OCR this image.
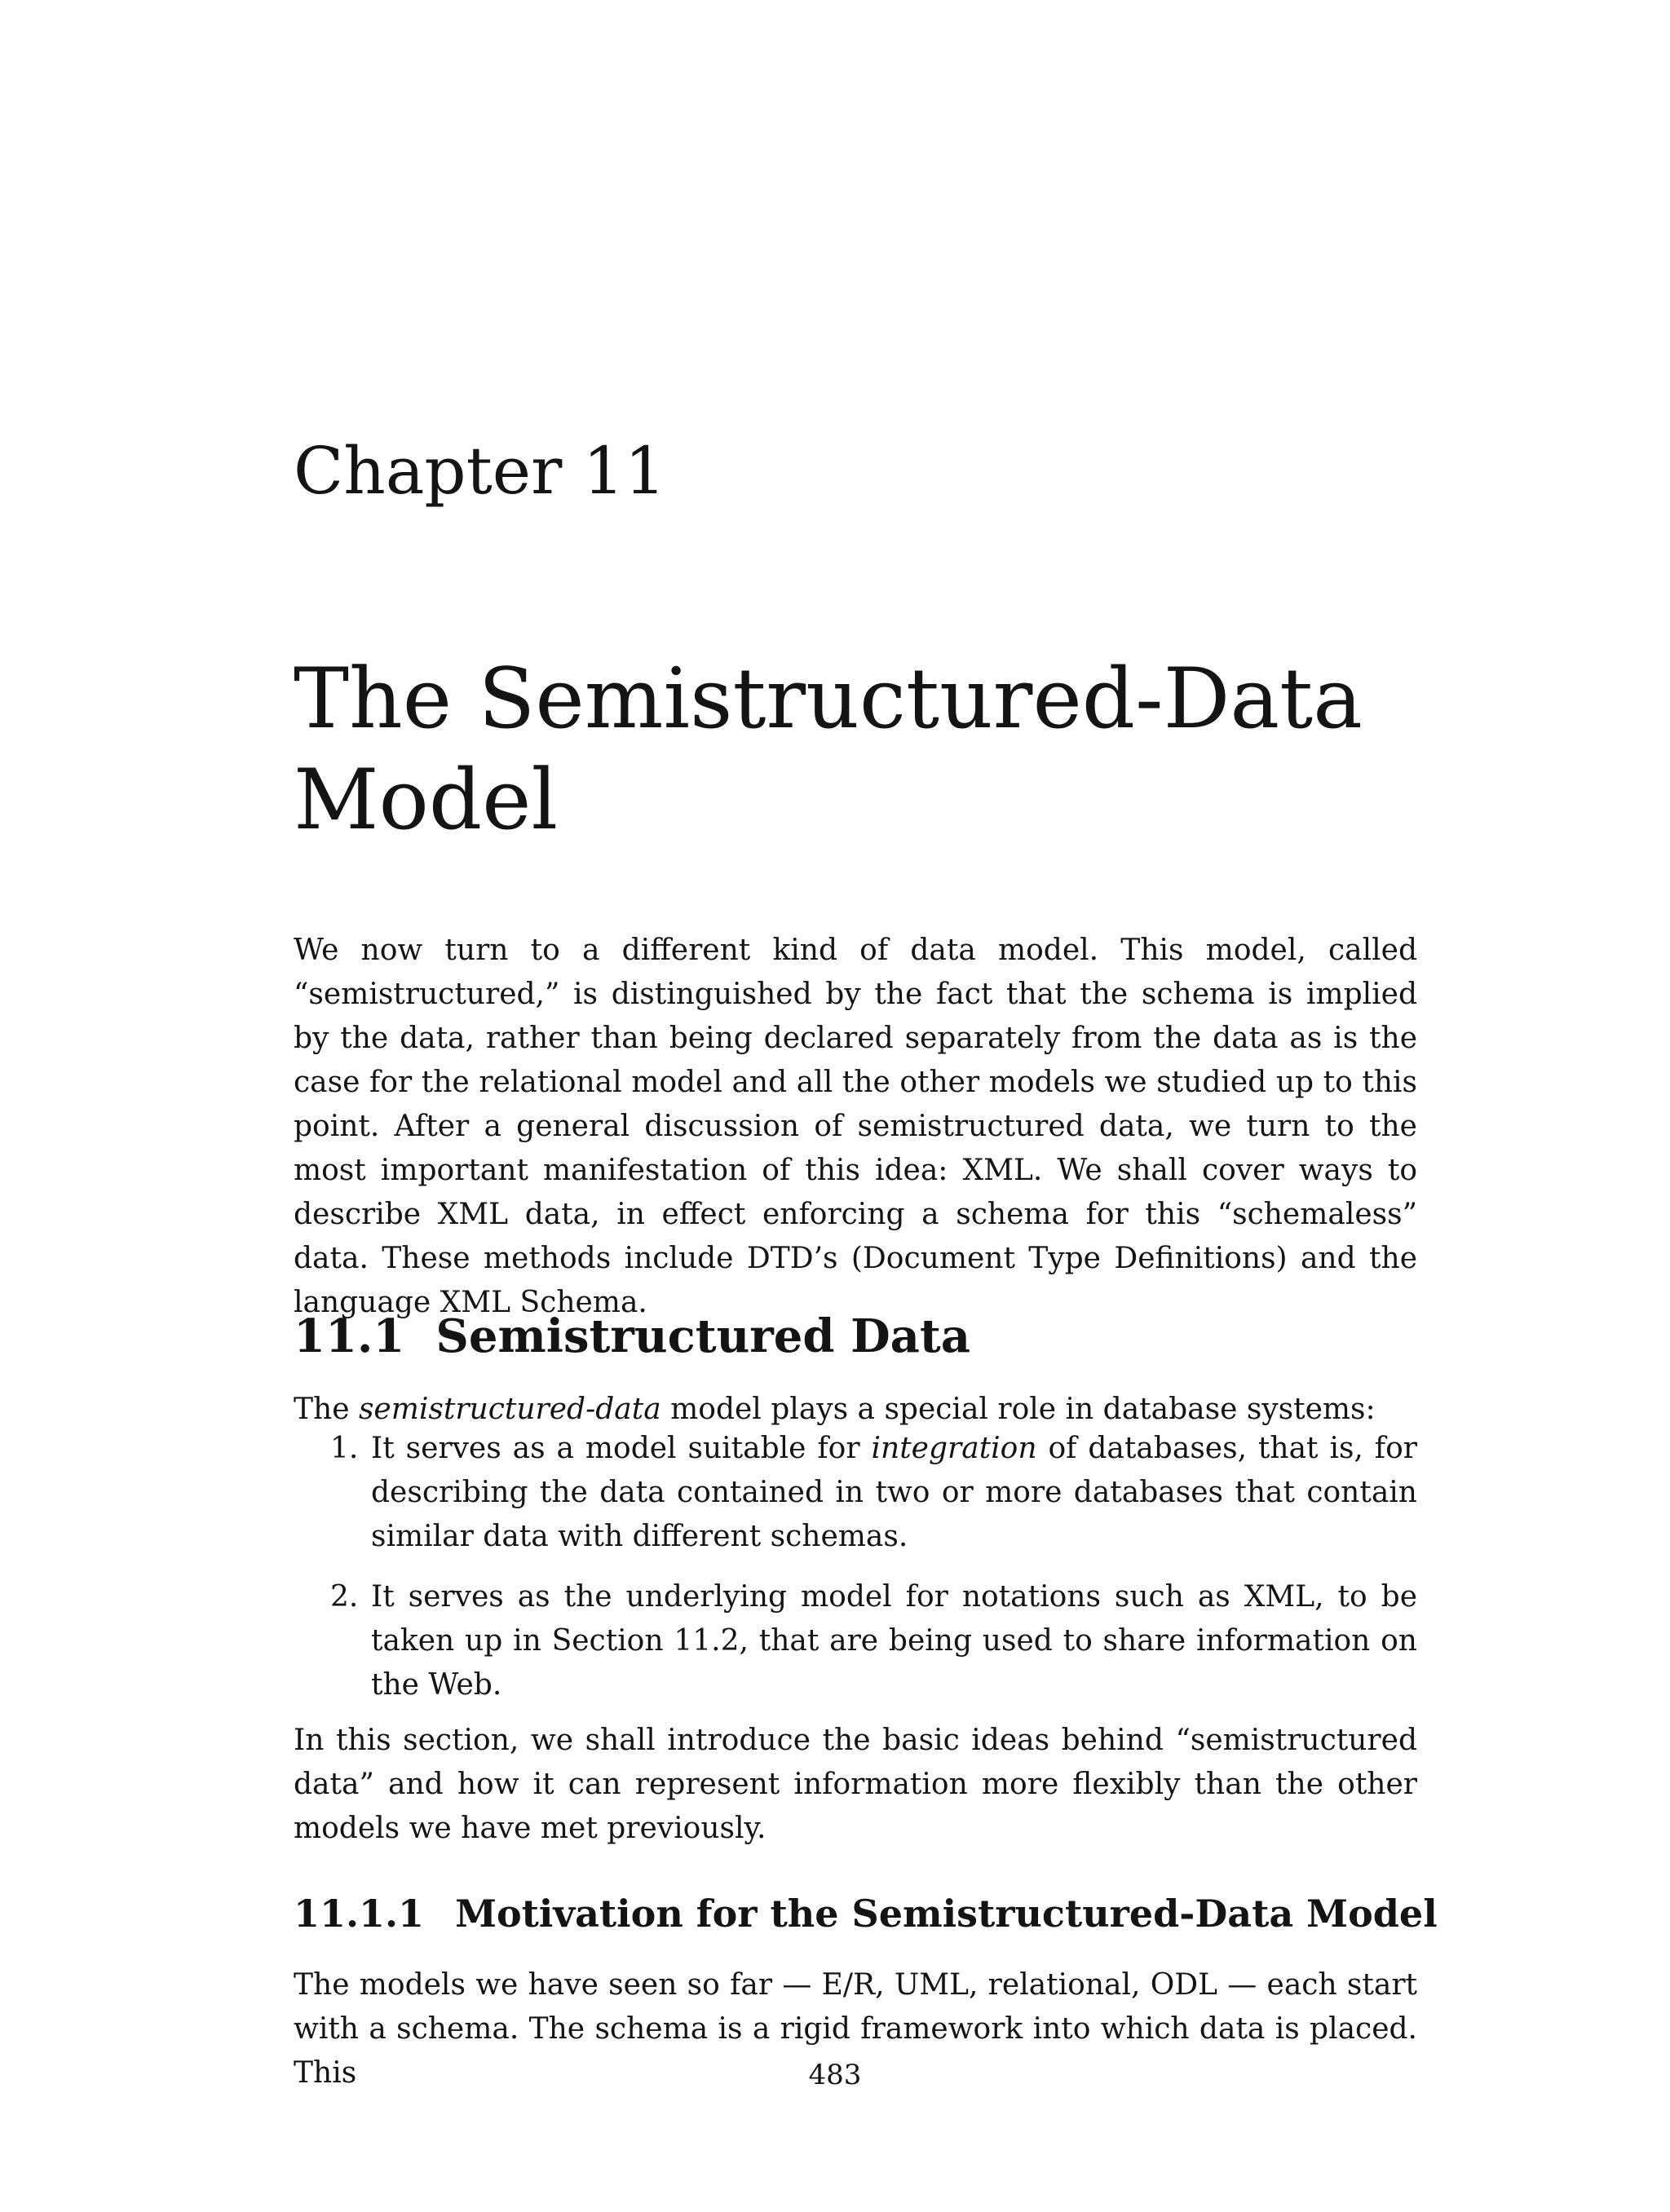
Chapter 11
The Semistructured-Data Model

We now turn to a different kind of data model. This model, called “semistructured,” is distinguished by the fact that the schema is implied by the data, rather than being declared separately from the data as is the case for the relational model and all the other models we studied up to this point. After a general discussion of semistructured data, we turn to the most important manifestation of this idea: XML. We shall cover ways to describe XML data, in effect enforcing a schema for this “schemaless” data. These methods include DTD’s (Document Type Definitions) and the language XML Schema.

11.1 Semistructured Data

The semistructured-data model plays a special role in database systems:

1. It serves as a model suitable for integration of databases, that is, for describing the data contained in two or more databases that contain similar data with different schemas.
2. It serves as the underlying model for notations such as XML, to be taken up in Section 11.2, that are being used to share information on the Web.

In this section, we shall introduce the basic ideas behind “semistructured data” and how it can represent information more flexibly than the other models we have met previously.

11.1.1 Motivation for the Semistructured-Data Model

The models we have seen so far — E/R, UML, relational, ODL — each start with a schema. The schema is a rigid framework into which data is placed. This	483
